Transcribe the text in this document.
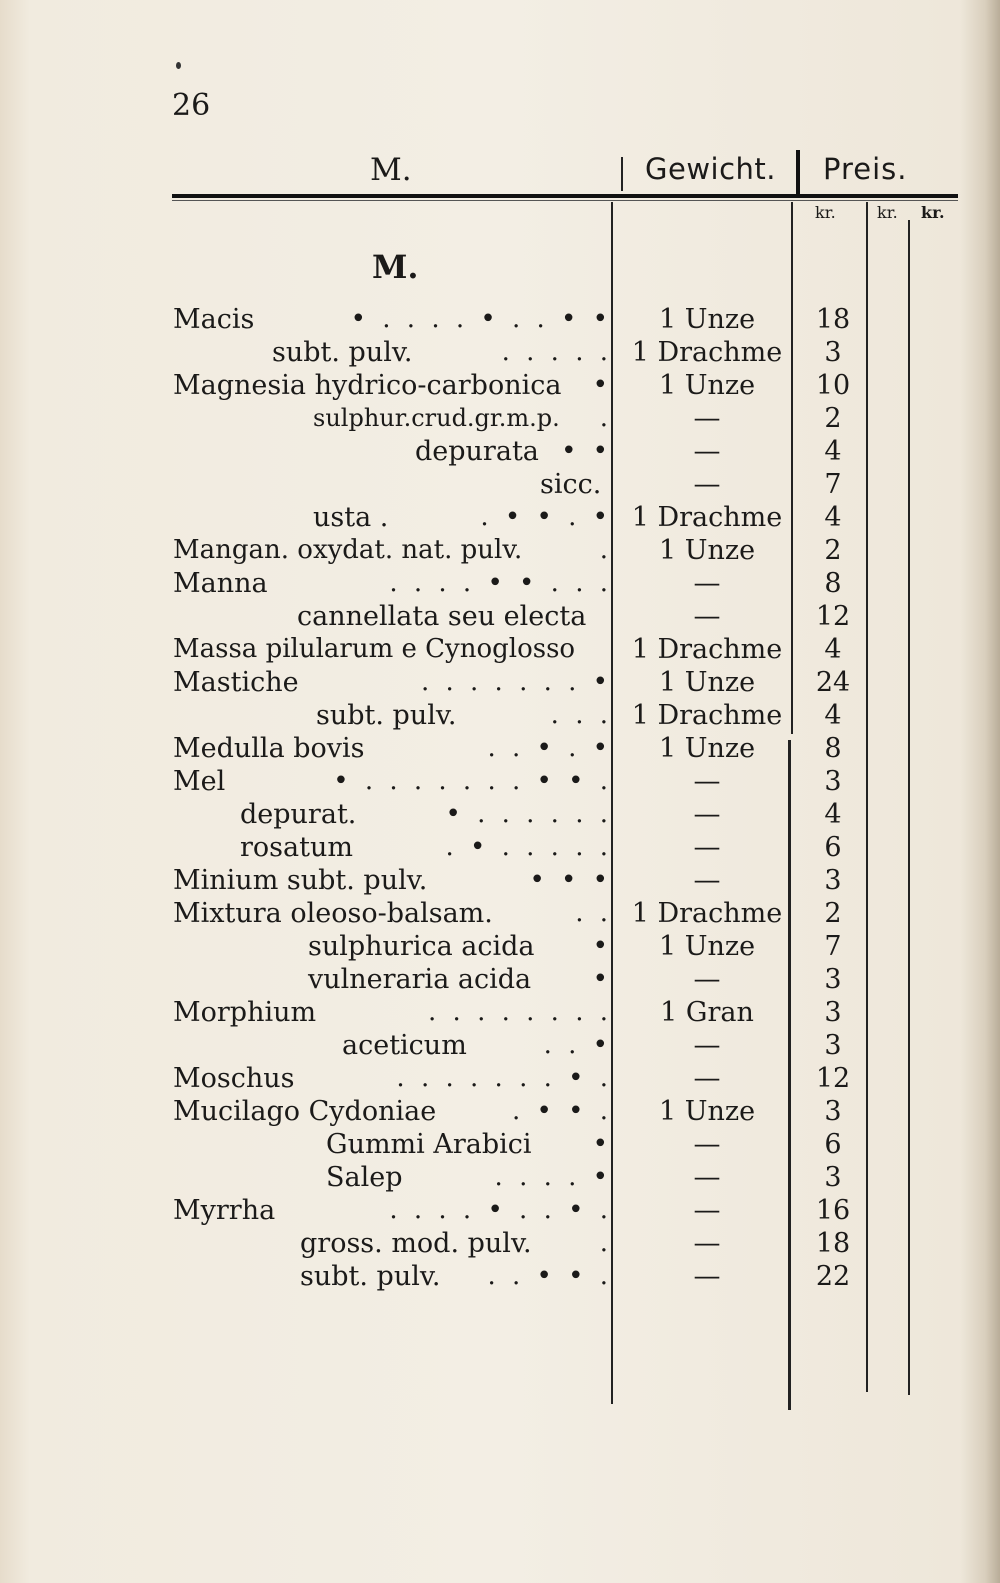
26
M.	Gewicht. Preis.
kr.	kr. kr.
M.
Macis	• . . . . • . . • •	1 Unze	18
subt. pulv.	. . . . . 1 Drachme	3
Magnesia hydrico-carbonica •	1 Unze	10
sulphur.crud.gr.m.p. .	—	2
depurata • •	—	4
sicc.	—	7
usta .	. • • . • 1 Drachme	4
Mangan. oxydat. nat. pulv.	.	1 Unze	2
Manna	. . . . • • . . .	—	8
cannellata seu electa	—	12
Massa pilularum e Cynoglosso	1 Drachme	4
Mastiche	. . . . . . . •	1 Unze	24
subt. pulv.	. . . 1 Drachme	4
Medulla bovis	. . • . •	1 Unze	8
Mel	• . . . . . . . • • .	—	3
depurat.	• . . . . . .	—	4
rosatum	. • . . . . .	—	6
Minium subt. pulv.	• • •	—	3
Mixtura oleoso-balsam.	. . 1 Drachme	2
sulphurica acida •	1 Unze	7
vulneraria acida •	—	3
Morphium	. . . . . . . .	1 Gran	3
aceticum	. . •	—	3
Moschus	. . . . . . . • .	—	12
Mucilago Cydoniae	. • • .	1 Unze	3
Gummi Arabici •	—	6
Salep	. . . . •	—	3
Myrrha	. . . . • . . • .	—	16
gross. mod. pulv.	.	—	18
subt. pulv. . . • • .	—	22
